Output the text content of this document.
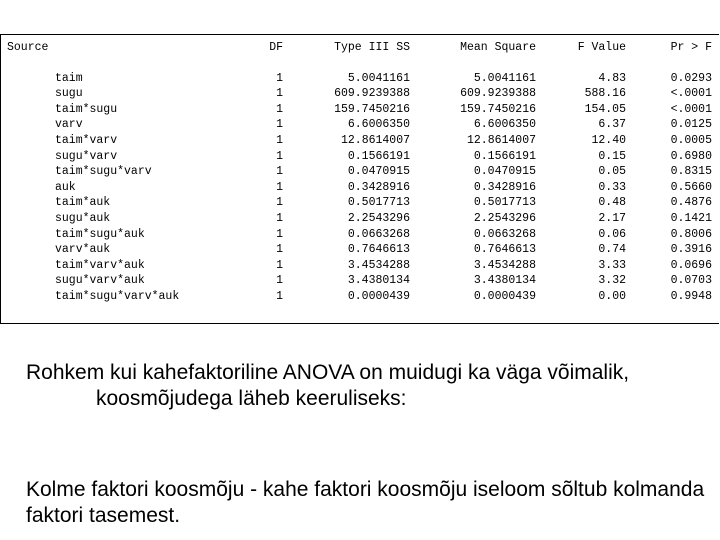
Source	DF	Type III SS	Mean Square	F Value	Pr > F

taim	1	5.0041161	5.0041161	4.83	0.0293
sugu	1	609.9239388	609.9239388	588.16	<.0001
taim*sugu	1	159.7450216	159.7450216	154.05	<.0001
varv	1	6.6006350	6.6006350	6.37	0.0125
taim*varv	1	12.8614007	12.8614007	12.40	0.0005
sugu*varv	1	0.1566191	0.1566191	0.15	0.6980
taim*sugu*varv	1	0.0470915	0.0470915	0.05	0.8315
auk	1	0.3428916	0.3428916	0.33	0.5660
taim*auk	1	0.5017713	0.5017713	0.48	0.4876
sugu*auk	1	2.2543296	2.2543296	2.17	0.1421
taim*sugu*auk	1	0.0663268	0.0663268	0.06	0.8006
varv*auk	1	0.7646613	0.7646613	0.74	0.3916
taim*varv*auk	1	3.4534288	3.4534288	3.33	0.0696
sugu*varv*auk	1	3.4380134	3.4380134	3.32	0.0703
taim*sugu*varv*auk	1	0.0000439	0.0000439	0.00	0.9948

Rohkem kui kahefaktoriline ANOVA on muidugi ka väga võimalik,
koosmõjudega läheb keeruliseks:

Kolme faktori koosmõju - kahe faktori koosmõju iseloom sõltub kolmanda faktori tasemest.
